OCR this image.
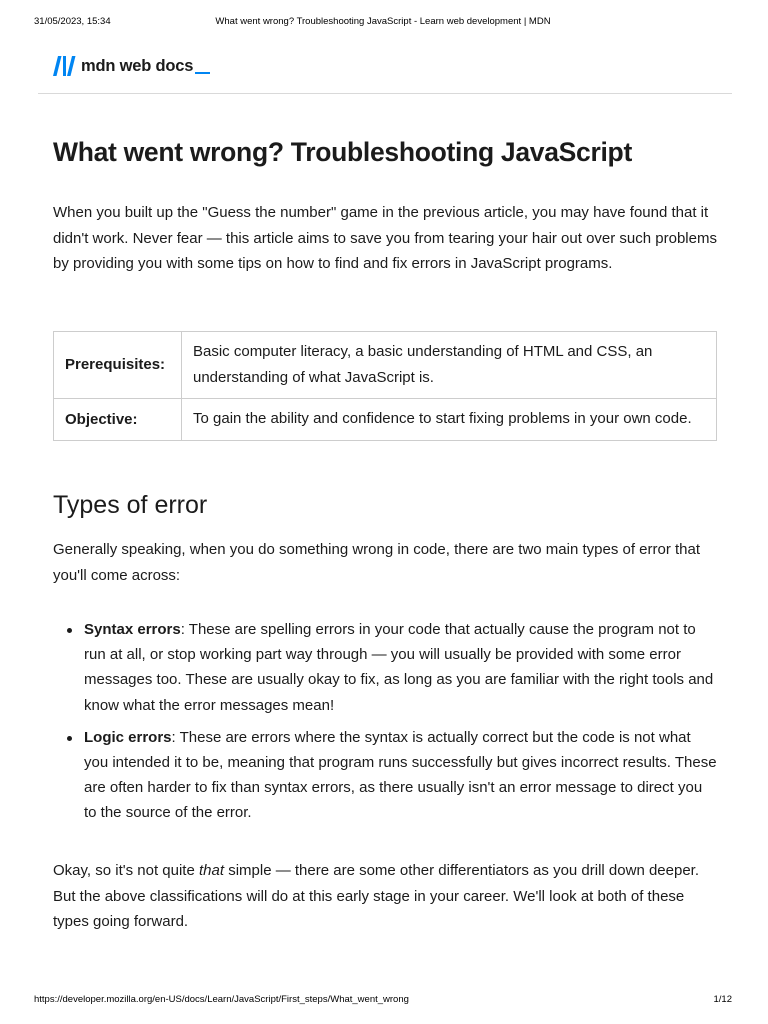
31/05/2023, 15:34	What went wrong? Troubleshooting JavaScript - Learn web development | MDN
mdn web docs
What went wrong? Troubleshooting JavaScript

When you built up the "Guess the number" game in the previous article, you may have found that it didn't work. Never fear — this article aims to save you from tearing your hair out over such problems by providing you with some tips on how to find and fix errors in JavaScript programs.

Prerequisites:	Basic computer literacy, a basic understanding of HTML and CSS, an understanding of what JavaScript is.
Objective:	To gain the ability and confidence to start fixing problems in your own code.
Types of error

Generally speaking, when you do something wrong in code, there are two main types of error that you'll come across:

Syntax errors: These are spelling errors in your code that actually cause the program not to run at all, or stop working part way through — you will usually be provided with some error messages too. These are usually okay to fix, as long as you are familiar with the right tools and know what the error messages mean!
Logic errors: These are errors where the syntax is actually correct but the code is not what you intended it to be, meaning that program runs successfully but gives incorrect results. These are often harder to fix than syntax errors, as there usually isn't an error message to direct you to the source of the error.

Okay, so it's not quite that simple — there are some other differentiators as you drill down deeper. But the above classifications will do at this early stage in your career. We'll look at both of these types going forward.

https://developer.mozilla.org/en-US/docs/Learn/JavaScript/First_steps/What_went_wrong	1/12
